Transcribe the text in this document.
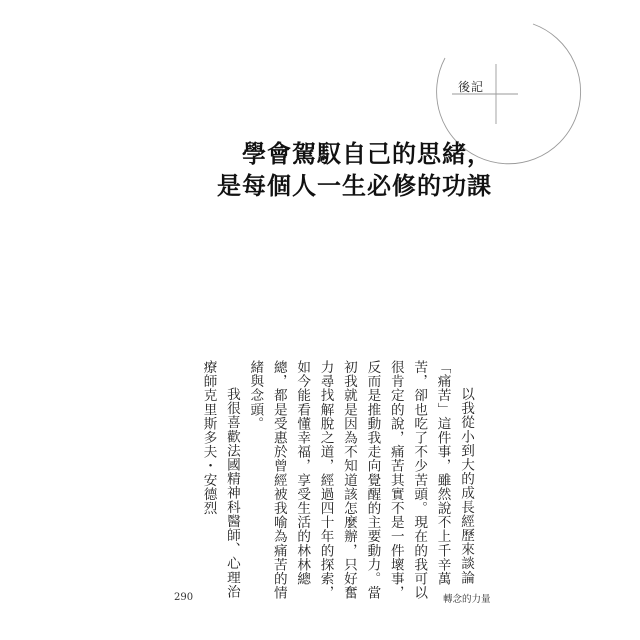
後記
學會駕馭自己的思緒，
是每個人一生必修的功課

以我從小到大的成長經歷來談論「痛苦」這件事，雖然說不上千辛萬苦，卻也吃了不少苦頭。現在的我可以很肯定的說，痛苦其實不是一件壞事，反而是推動我走向覺醒的主要動力。當初我就是因為不知道該怎麼辦，只好奮力尋找解脫之道，經過四十年的探索，如今能看懂幸福，享受生活的林林總總，都是受惠於曾經被我喻為痛苦的情緒與念頭。

我很喜歡法國精神科醫師、心理治療師克里斯多夫・安德烈

290	轉念的力量
